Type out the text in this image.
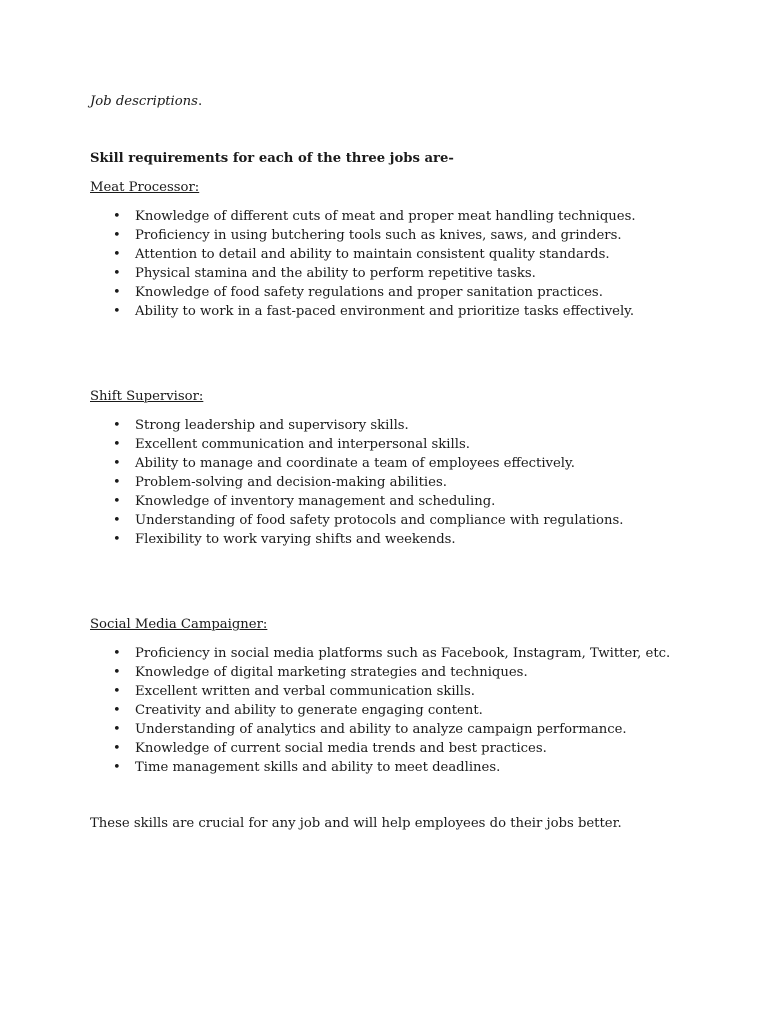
Job descriptions.

Skill requirements for each of the three jobs are-

Meat Processor:
• Knowledge of different cuts of meat and proper meat handling techniques.
• Proficiency in using butchering tools such as knives, saws, and grinders.
• Attention to detail and ability to maintain consistent quality standards.
• Physical stamina and the ability to perform repetitive tasks.
• Knowledge of food safety regulations and proper sanitation practices.
• Ability to work in a fast-paced environment and prioritize tasks effectively.
Shift Supervisor:
• Strong leadership and supervisory skills.
• Excellent communication and interpersonal skills.
• Ability to manage and coordinate a team of employees effectively.
• Problem-solving and decision-making abilities.
• Knowledge of inventory management and scheduling.
• Understanding of food safety protocols and compliance with regulations.
• Flexibility to work varying shifts and weekends.
Social Media Campaigner:
• Proficiency in social media platforms such as Facebook, Instagram, Twitter, etc.
• Knowledge of digital marketing strategies and techniques.
• Excellent written and verbal communication skills.
• Creativity and ability to generate engaging content.
• Understanding of analytics and ability to analyze campaign performance.
• Knowledge of current social media trends and best practices.
• Time management skills and ability to meet deadlines.

These skills are crucial for any job and will help employees do their jobs better.
